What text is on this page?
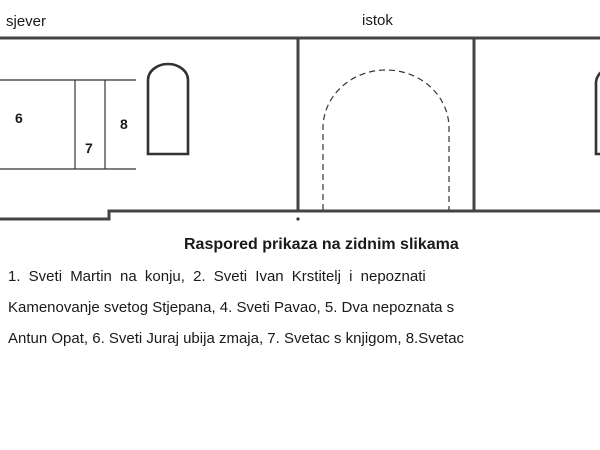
sjever	istok
6
7
8
Raspored prikaza na zidnim slikama
1. Sveti Martin na konju, 2. Sveti Ivan Krstitelj i nepoznati
Kamenovanje svetog Stjepana, 4. Sveti Pavao, 5. Dva nepoznata s
Antun Opat, 6. Sveti Juraj ubija zmaja, 7. Svetac s knjigom, 8.Svetac
